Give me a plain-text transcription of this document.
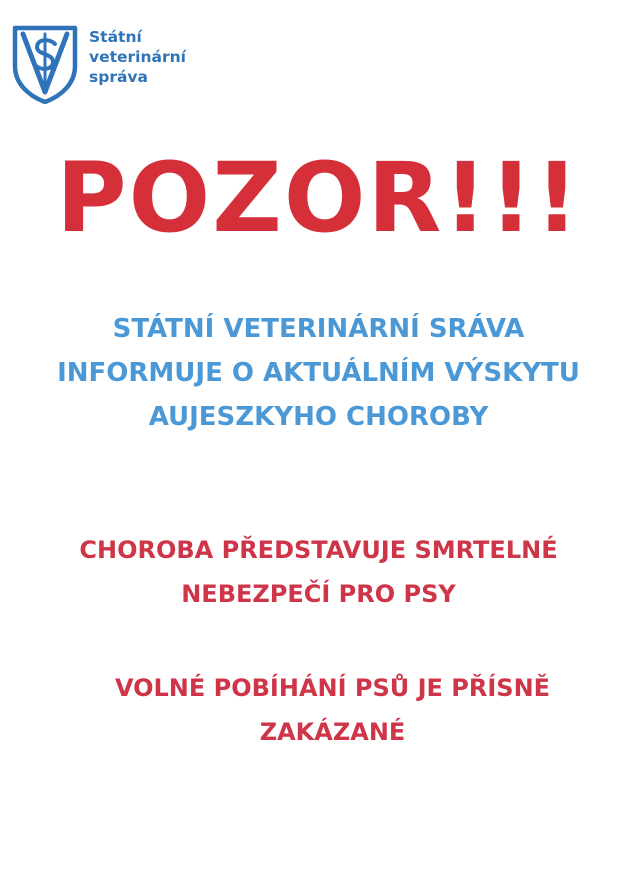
Státní
veterinární
správa
POZOR!!!
STÁTNÍ VETERINÁRNÍ SRÁVA
INFORMUJE O AKTUÁLNÍM VÝSKYTU
AUJESZKYHO CHOROBY
CHOROBA PŘEDSTAVUJE SMRTELNÉ
NEBEZPEČÍ PRO PSY
VOLNÉ POBÍHÁNÍ PSŮ JE PŘÍSNĚ
ZAKÁZANÉ
